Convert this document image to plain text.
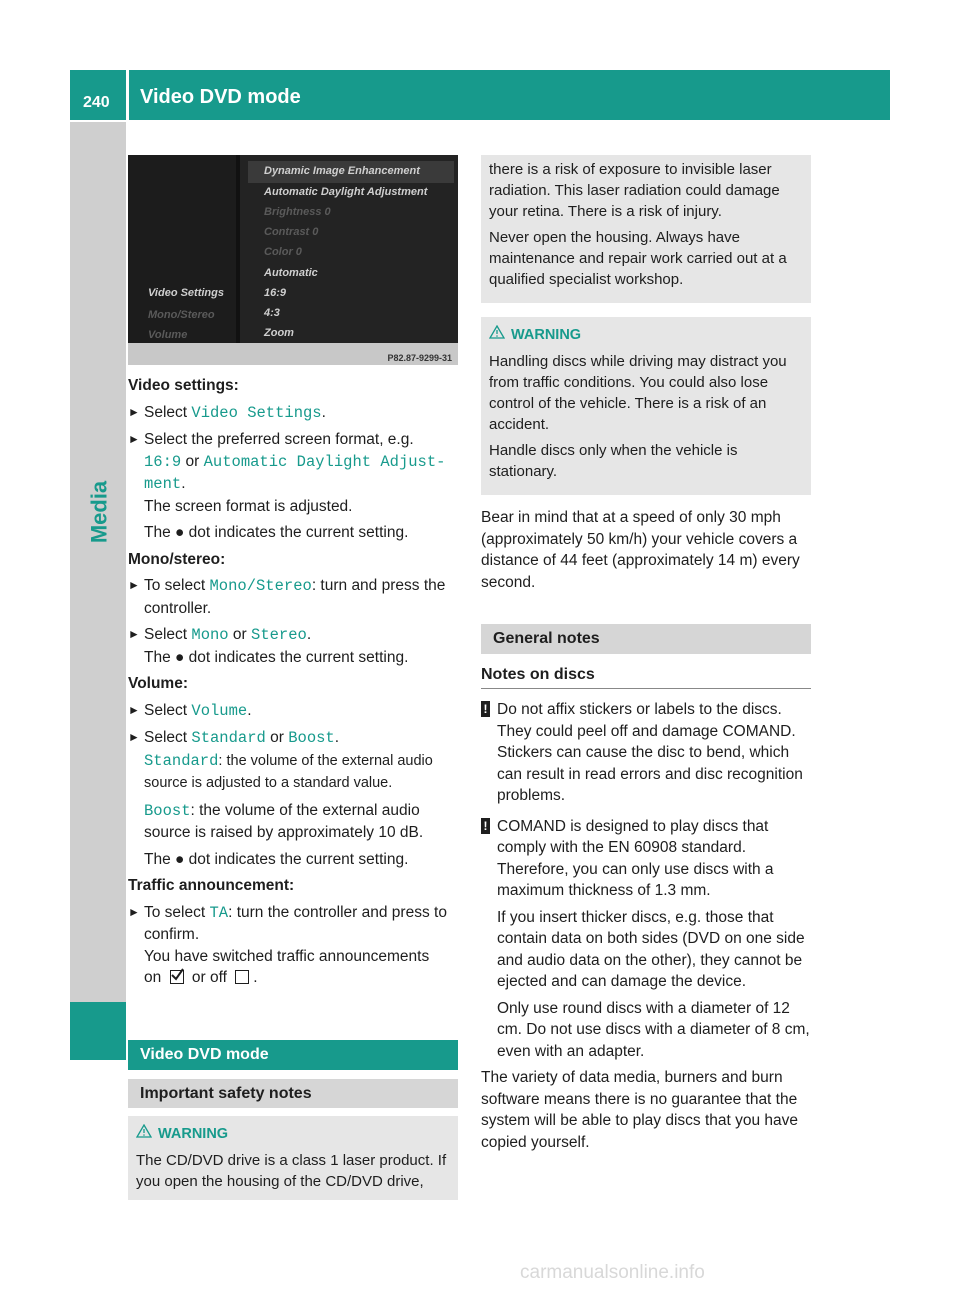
240 Video DVD mode
Media
Video Settings
Mono/Stereo
Volume
Dynamic Image Enhancement
Automatic Daylight Adjustment
Brightness 0
Contrast 0
Color 0
Automatic
16:9
4:3
Zoom
P82.87-9299-31
Video settings:
► Select Video Settings.
► Select the preferred screen format, e.g.
16:9 or Automatic Daylight Adjust‐
ment.
The screen format is adjusted.
The ● dot indicates the current setting.
Mono/stereo:
► To select Mono/Stereo: turn and press the controller.
► Select Mono or Stereo.
The ● dot indicates the current setting.
Volume:
► Select Volume.
► Select Standard or Boost.
Standard: the volume of the external audio source is adjusted to a standard value.
Boost: the volume of the external audio source is raised by approximately 10 dB.
The ● dot indicates the current setting.
Traffic announcement:
► To select TA: turn the controller and press to confirm.
You have switched traffic announcements
on or off .
Video DVD mode
Important safety notes
WARNING
The CD/DVD drive is a class 1 laser product. If you open the housing of the CD/DVD drive,

there is a risk of exposure to invisible laser radiation. This laser radiation could damage your retina. There is a risk of injury.

Never open the housing. Always have maintenance and repair work carried out at a qualified specialist workshop.

WARNING

Handling discs while driving may distract you from traffic conditions. You could also lose control of the vehicle. There is a risk of an accident.

Handle discs only when the vehicle is stationary.

Bear in mind that at a speed of only 30 mph (approximately 50 km/h) your vehicle covers a distance of 44 feet (approximately 14 m) every second.

General notes
Notes on discs
! Do not affix stickers or labels to the discs. They could peel off and damage COMAND. Stickers can cause the disc to bend, which can result in read errors and disc recognition problems.
! COMAND is designed to play discs that comply with the EN 60908 standard. Therefore, you can only use discs with a maximum thickness of 1.3 mm.

If you insert thicker discs, e.g. those that contain data on both sides (DVD on one side and audio data on the other), they cannot be ejected and can damage the device.

Only use round discs with a diameter of 12 cm. Do not use discs with a diameter of 8 cm, even with an adapter.

The variety of data media, burners and burn software means there is no guarantee that the system will be able to play discs that you have copied yourself.

carmanualsonline.info
